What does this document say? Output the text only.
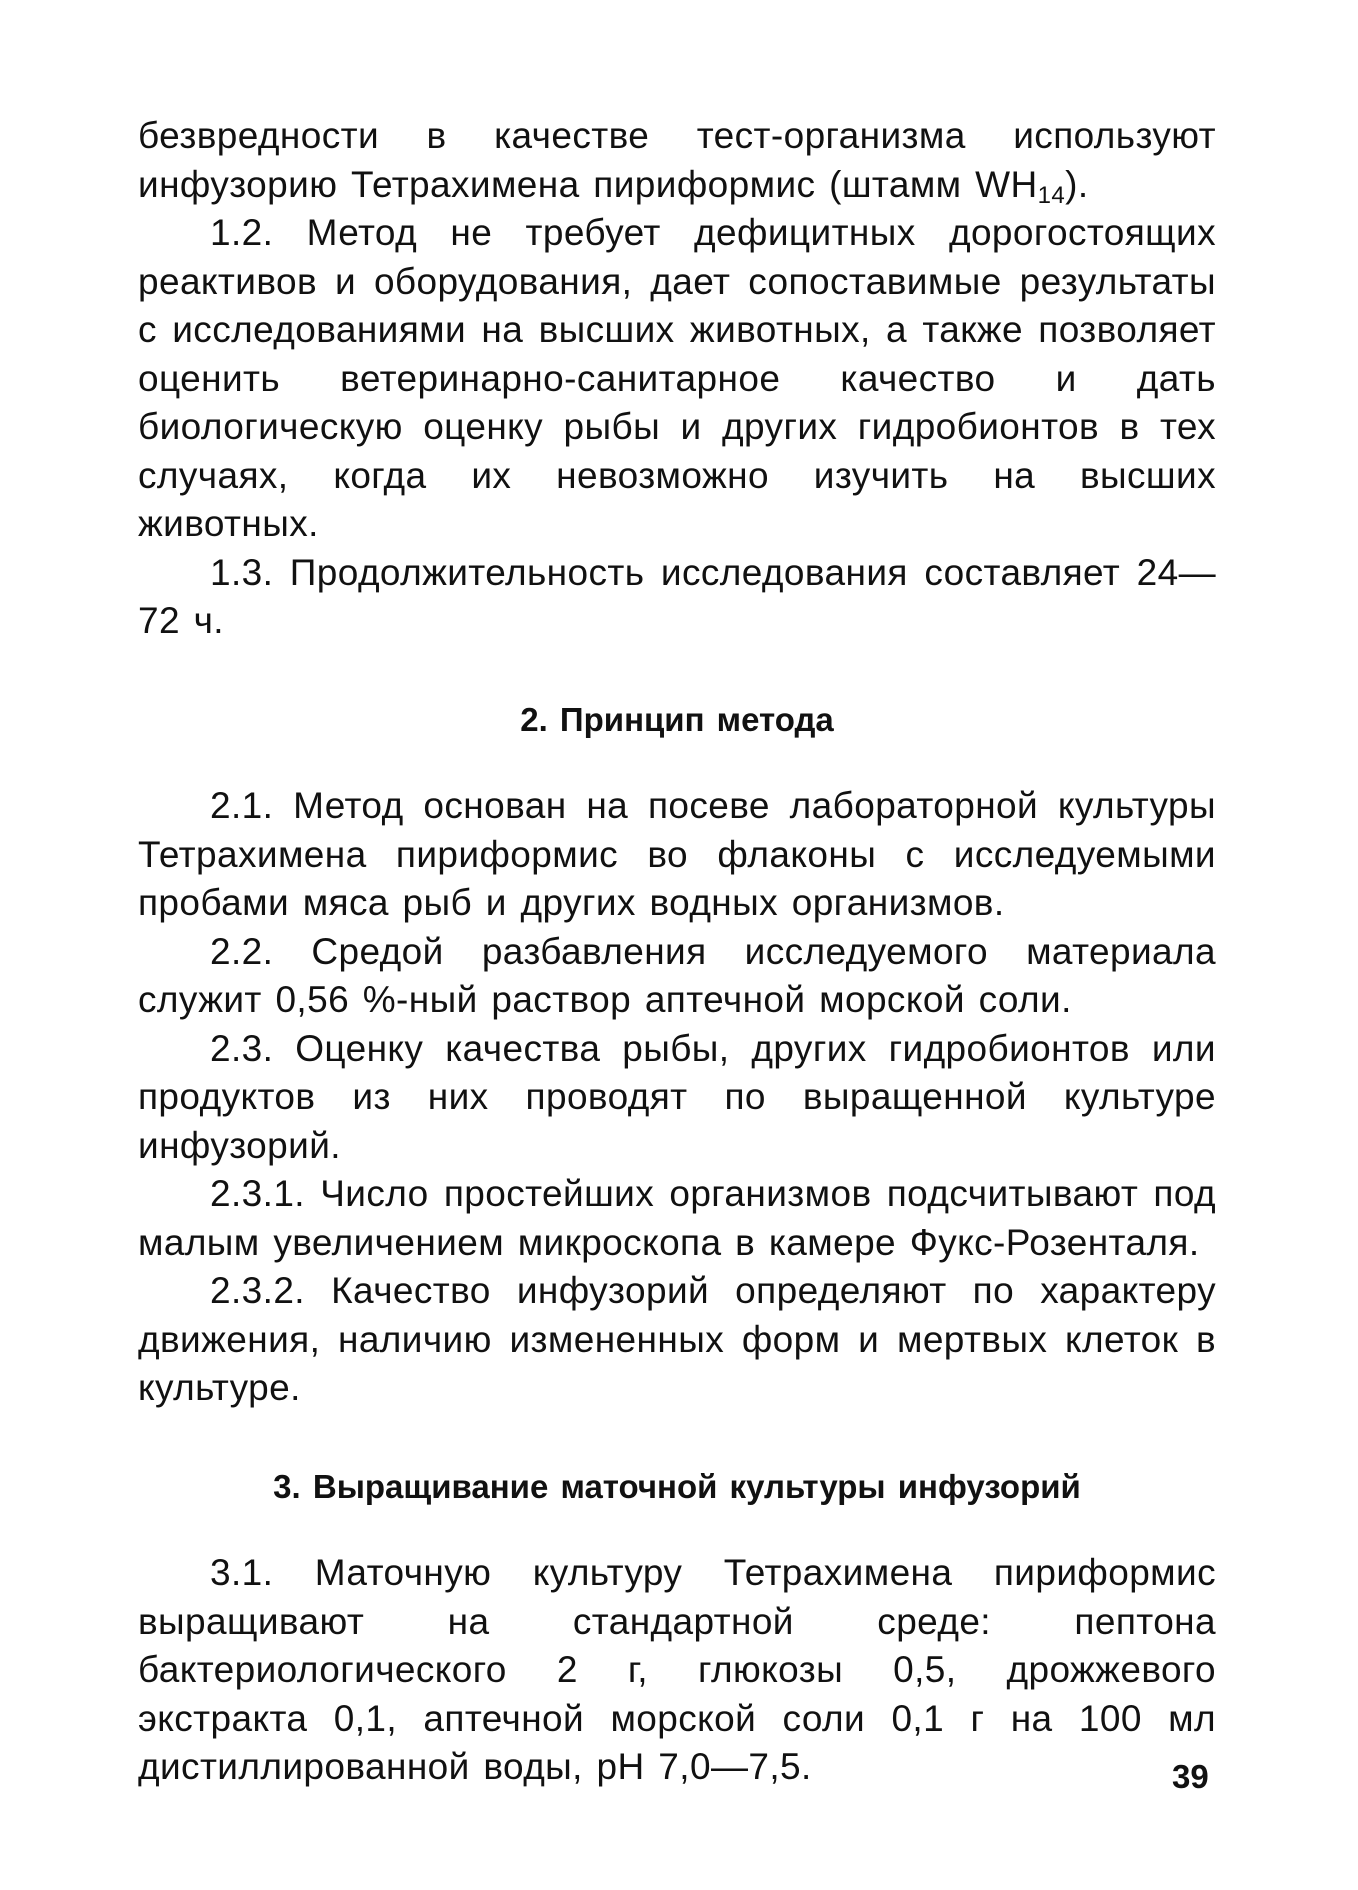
безвредности в качестве тест-организма используют инфузорию Тетрахимена пириформис (штамм $WH_{14}$).

1.2. Метод не требует дефицитных дорогостоящих реактивов и оборудования, дает сопоставимые результаты с исследованиями на высших животных, а также позволяет оценить ветеринарно-санитарное качество и дать биологическую оценку рыбы и других гидробионтов в тех случаях, когда их невозможно изучить на высших животных.

1.3. Продолжительность исследования составляет 24—72 ч.

2. Принцип метода

2.1. Метод основан на посеве лабораторной культуры Тетрахимена пириформис во флаконы с исследуемыми пробами мяса рыб и других водных организмов.

2.2. Средой разбавления исследуемого материала служит 0,56 %-ный раствор аптечной морской соли.

2.3. Оценку качества рыбы, других гидробионтов или продуктов из них проводят по выращенной культуре инфузорий.

2.3.1. Число простейших организмов подсчитывают под малым увеличением микроскопа в камере Фукс-Розенталя.

2.3.2. Качество инфузорий определяют по характеру движения, наличию измененных форм и мертвых клеток в культуре.

3. Выращивание маточной культуры инфузорий

3.1. Маточную культуру Тетрахимена пириформис выращивают на стандартной среде: пептона бактериологического 2 г, глюкозы 0,5, дрожжевого экстракта 0,1, аптечной морской соли 0,1 г на 100 мл дистиллированной воды, pH 7,0—7,5.	39
